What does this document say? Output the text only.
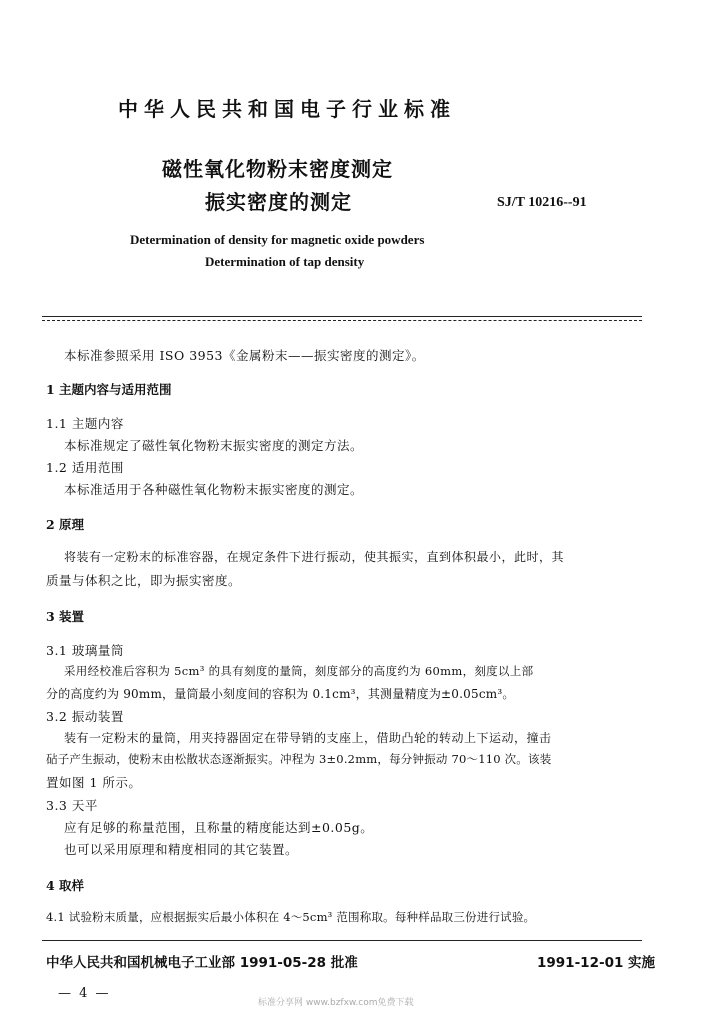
中华人民共和国电子行业标准
磁性氧化物粉末密度测定
振实密度的测定	SJ/T 10216--91
Determination of density for magnetic oxide powders
Determination of tap density
本标准参照采用 ISO 3953《金属粉末——振实密度的测定》。
1 主题内容与适用范围
1.1 主题内容
本标准规定了磁性氧化物粉末振实密度的测定方法。
1.2 适用范围
本标准适用于各种磁性氧化物粉末振实密度的测定。
2 原理
将装有一定粉末的标准容器，在规定条件下进行振动，使其振实，直到体积最小，此时，其
质量与体积之比，即为振实密度。
3 装置
3.1 玻璃量筒
采用经校准后容积为 5cm³ 的具有刻度的量筒，刻度部分的高度约为 60mm，刻度以上部
分的高度约为 90mm，量筒最小刻度间的容积为 0.1cm³，其测量精度为±0.05cm³。
3.2 振动装置
装有一定粉末的量筒，用夹持器固定在带导销的支座上，借助凸轮的转动上下运动，撞击
砧子产生振动，使粉末由松散状态逐渐振实。冲程为 3±0.2mm，每分钟振动 70～110 次。该装
置如图 1 所示。
3.3 天平
应有足够的称量范围，且称量的精度能达到±0.05g。
也可以采用原理和精度相同的其它装置。
4 取样
4.1 试验粉末质量，应根据振实后最小体积在 4～5cm³ 范围称取。每种样品取三份进行试验。
中华人民共和国机械电子工业部 1991-05-28 批准	1991-12-01 实施
— 4 —
标准分享网 www.bzfxw.com免费下载
